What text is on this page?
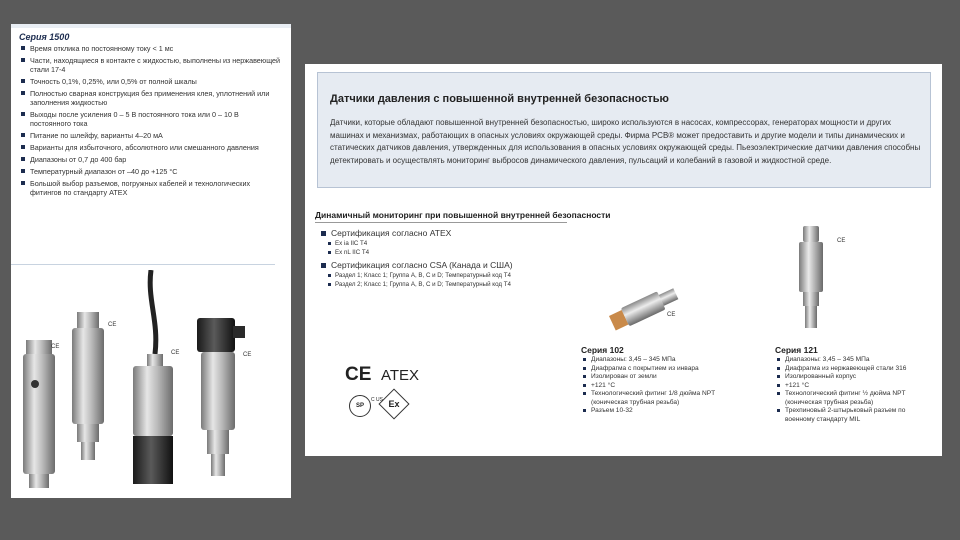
Серия 1500
Время отклика по постоянному току < 1 мс
Части, находящиеся в контакте с жидкостью, выполнены из нержавеющей стали 17-4
Точность 0,1%, 0,25%, или 0,5% от полной шкалы
Полностью сварная конструкция без применения клея, уплотнений или заполнения жидкостью
Выходы после усиления 0 – 5 В постоянного тока или 0 – 10 В постоянного тока
Питание по шлейфу, варианты 4–20 мА
Варианты для избыточного, абсолютного или смешанного давления
Диапазоны от 0,7 до 400 бар
Температурный диапазон от –40 до +125 °C
Большой выбор разъемов, погружных кабелей и технологических фитингов по стандарту ATEX
CE
CE
CE	CE
Датчики давления с повышенной внутренней безопасностью

Датчики, которые обладают повышенной внутренней безопасностью, широко используются в насосах, компрессорах, генераторах мощности и других машинах и механизмах, работающих в опасных условиях окружающей среды. Фирма PCB® может предоставить и другие модели и типы динамических и статических датчиков давления, утвержденных для использования в опасных условиях окружающей среды. Пьезоэлектрические датчики давления способны детектировать и осуществлять мониторинг выбросов динамического давления, пульсаций и колебаний в газовой и жидкостной среде.

Динамичный мониторинг при повышенной внутренней безопасности
Сертификация согласно ATEX
Ex ia IIC T4
Ex nL IIC T4
Сертификация согласно CSA (Канада и США)
Раздел 1; Класс 1; Группа A, B, C и D; Температурный код T4
Раздел 2; Класс 1; Группа A, B, C и D; Температурный код T4
CE ATEX
SP
C US Ex
CE
CE
Серия 102
Диапазоны: 3,45 – 345 МПа
Диафрагма с покрытием из инвара
Изолирован от земли
+121 °C
Технологический фитинг 1/8 дюйма NPT (коническая трубная резьба)
Разъем 10-32
Серия 121
Диапазоны: 3,45 – 345 МПа
Диафрагма из нержавеющей стали 316
Изолированный корпус
+121 °C
Технологический фитинг ½ дюйма NPT (коническая трубная резьба)
Трехпиновый 2-штырьковый разъем по военному стандарту MIL
